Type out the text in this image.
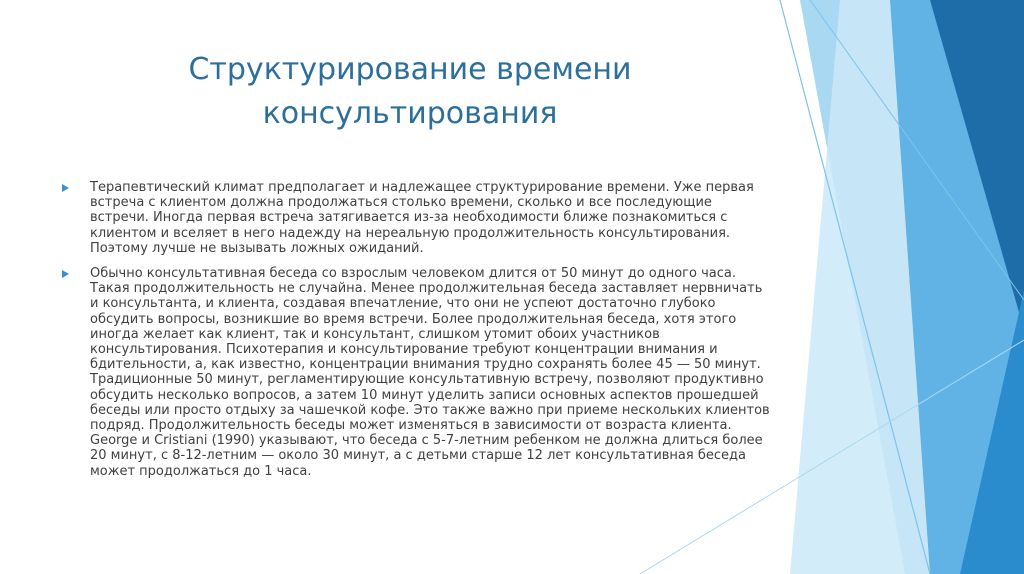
Структурирование времени консультирования
Терапевтический климат предполагает и надлежащее структурирование времени. Уже первая встреча с клиентом должна продолжаться столько времени, сколько и все последующие встречи. Иногда первая встреча затягивается из-за необходимости ближе познакомиться с клиентом и вселяет в него надежду на нереальную продолжительность консультирования. Поэтому лучше не вызывать ложных ожиданий.
Обычно консультативная беседа со взрослым человеком длится от 50 минут до одного часа. Такая продолжительность не случайна. Менее продолжительная беседа заставляет нервничать и консультанта, и клиента, создавая впечатление, что они не успеют достаточно глубоко обсудить вопросы, возникшие во время встречи. Более продолжительная беседа, хотя этого иногда желает как клиент, так и консультант, слишком утомит обоих участников консультирования. Психотерапия и консультирование требуют концентрации внимания и бдительности, а, как известно, концентрации внимания трудно сохранять более 45 — 50 минут. Традиционные 50 минут, регламентирующие консультативную встречу, позволяют продуктивно обсудить несколько вопросов, а затем 10 минут уделить записи основных аспектов прошедшей беседы или просто отдыху за чашечкой кофе. Это также важно при приеме нескольких клиентов подряд. Продолжительность беседы может изменяться в зависимости от возраста клиента. George и Cristiani (1990) указывают, что беседа с 5-7-летним ребенком не должна длиться более 20 минут, с 8-12-летним — около 30 минут, а с детьми старше 12 лет консультативная беседа может продолжаться до 1 часа.
